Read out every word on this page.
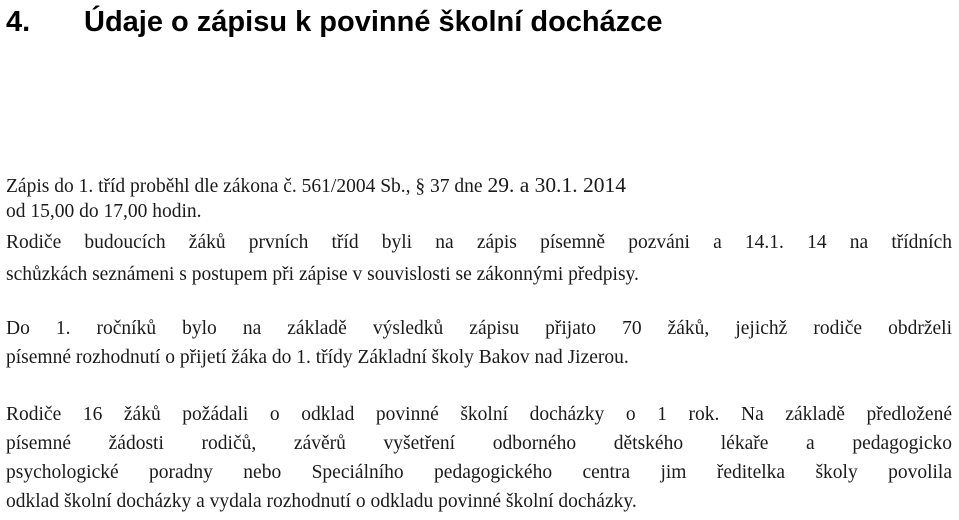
4. Údaje o zápisu k povinné školní docházce
Zápis do 1. tříd proběhl dle zákona č. 561/2004 Sb., § 37 dne 29. a 30.1. 2014
od 15,00 do 17,00 hodin.
Rodiče budoucích žáků prvních tříd byli na zápis písemně pozváni a 14.1. 14 na třídních
schůzkách seznámeni s postupem při zápise v souvislosti se zákonnými předpisy.
Do 1. ročníků bylo na základě výsledků zápisu přijato 70 žáků, jejichž rodiče obdrželi
písemné rozhodnutí o přijetí žáka do 1. třídy Základní školy Bakov nad Jizerou.
Rodiče 16 žáků požádali o odklad povinné školní docházky o 1 rok. Na základě předložené
písemné žádosti rodičů, závěrů vyšetření odborného dětského lékaře a pedagogicko
psychologické poradny nebo Speciálního pedagogického centra jim ředitelka školy povolila
odklad školní docházky a vydala rozhodnutí o odkladu povinné školní docházky.
